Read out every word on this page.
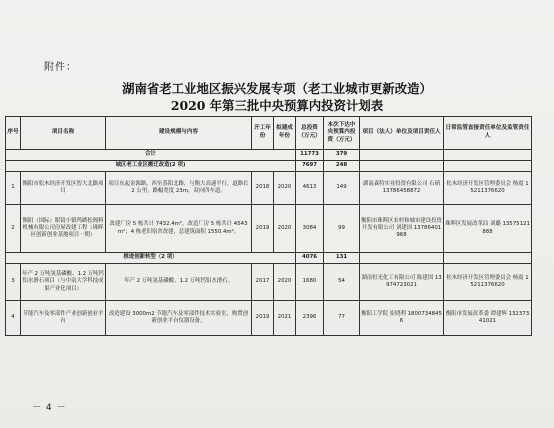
附件：
湖南省老工业地区振兴发展专项（老工业城市更新改造）
2020 年第三批中央预算内投资计划表
序号	项目名称	建设规模与内容	开工年份	拟建成年份	总投资（万元）	本次下达中央预算内投资（万元）	项目（法人）单位及项目责任人	日常监管直接责任单位及监管责任人
合计					11773	379		
城区老工业区搬迁改造(2 项)					7697	248		
1	衡阳市松木经济开发区智大北路项目	项目东起金源路，西至蒸阳北路，与衡大高速平行，道路长 2 公里，路幅宽度 23m，双向四车道。	2018	2020	4613	149	湖南森特实业投资有限公司 石硝 13786458872	松木经济开发区管理委员会 杨震 15211376620
2	衡阳（国际）眼镜小镇鸬鹚松阁料机械有限公司房屋改建工程（珠晖区创新创业基地项目一期）	改建厂房 5 栋共计 7432.4m²，改造厂房 5 栋共计 4543m²；4 栋老旧宿舍改建，总建筑面积 1550.4m²。	2019	2020	3084	99	衡阳市珠晖区农村和城市建设投资开发有限公司 刘建国 13786401968	珠晖区发展改革局 刘璐 13575121888
推进创新转型（2 项）					4076	131		
3	年产 2 万吨氢基磷酸、1.2 万吨钙铝水滑石项目（与中南大学科技成果产业化项目）	年产 2 万吨氢基磷酸、1.2 万吨钙铝水滑石。	2017	2020	1680	54	湖南恒光化工有限公司 陈建国 13974723021	松木经济开发区管理委员会 杨震 15211376620
4	节能汽车及零部件产业创新创业平台	改造建设 3000m2 节能汽车及零部件技术实验室，购置创新创业平台仪器设备。	2019	2021	2396	77	衡阳工学院 崔晓利 18007348456	衡阳市发展改革委 谭建辉 13237341021
－ 4 －
